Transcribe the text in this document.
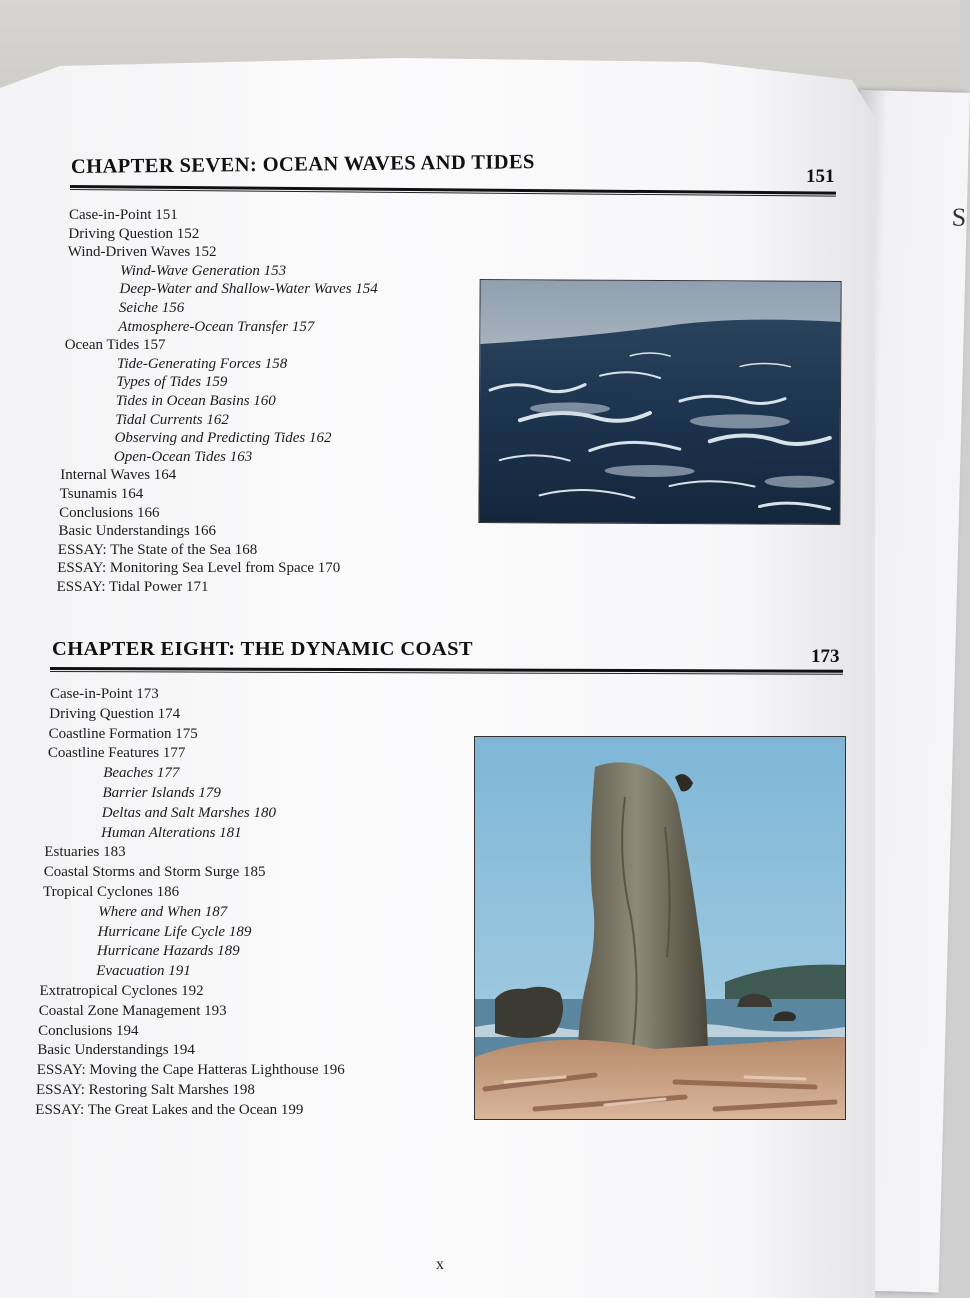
S
CHAPTER SEVEN: OCEAN WAVES AND TIDES	151
Case-in-Point 151
Driving Question 152
Wind-Driven Waves 152
Wind-Wave Generation 153
Deep-Water and Shallow-Water Waves 154
Seiche 156
Atmosphere-Ocean Transfer 157
Ocean Tides 157
Tide-Generating Forces 158
Types of Tides 159
Tides in Ocean Basins 160
Tidal Currents 162
Observing and Predicting Tides 162
Open-Ocean Tides 163
Internal Waves 164
Tsunamis 164
Conclusions 166
Basic Understandings 166
ESSAY: The State of the Sea 168
ESSAY: Monitoring Sea Level from Space 170
ESSAY: Tidal Power 171
CHAPTER EIGHT: THE DYNAMIC COAST	173
Case-in-Point 173
Driving Question 174
Coastline Formation 175
Coastline Features 177
Beaches 177
Barrier Islands 179
Deltas and Salt Marshes 180
Human Alterations 181
Estuaries 183
Coastal Storms and Storm Surge 185
Tropical Cyclones 186
Where and When 187
Hurricane Life Cycle 189
Hurricane Hazards 189
Evacuation 191
Extratropical Cyclones 192
Coastal Zone Management 193
Conclusions 194
Basic Understandings 194
ESSAY: Moving the Cape Hatteras Lighthouse 196
ESSAY: Restoring Salt Marshes 198
ESSAY: The Great Lakes and the Ocean 199
x
